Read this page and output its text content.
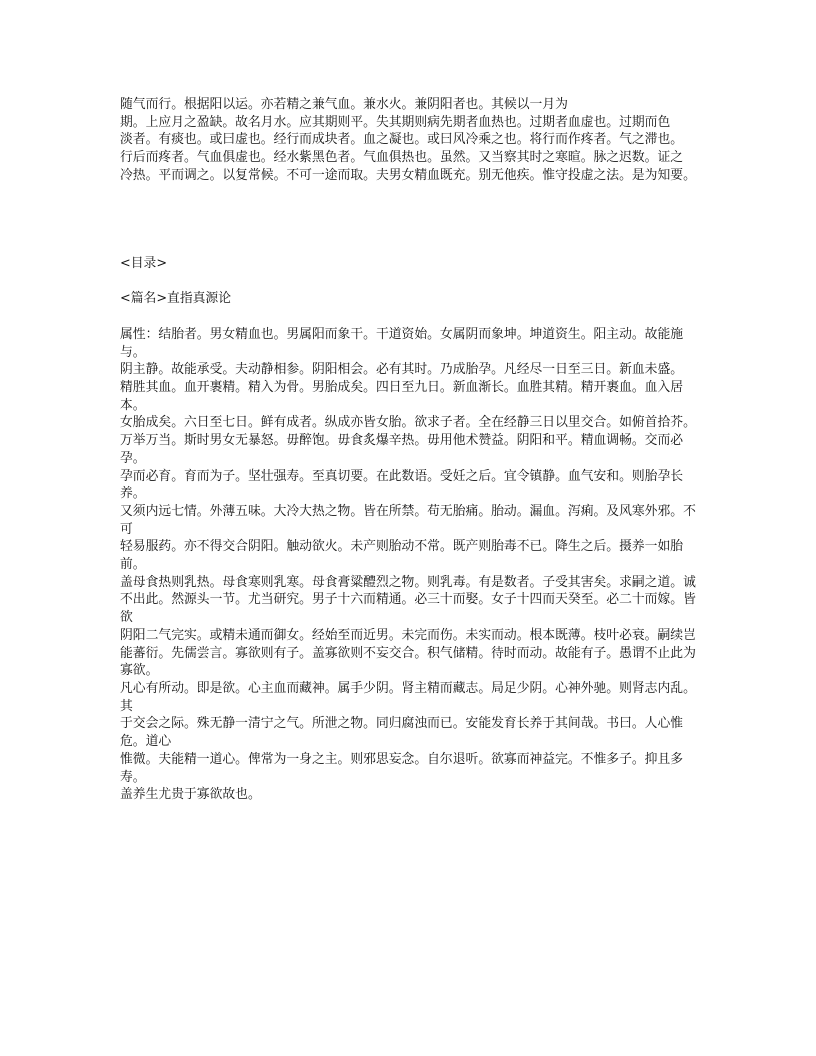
随气而行。根据阳以运。亦若精之兼气血。兼水火。兼阴阳者也。其候以一月为
期。上应月之盈缺。故名月水。应其期则平。失其期则病先期者血热也。过期者血虚也。过期而色
淡者。有痰也。或曰虚也。经行而成块者。血之凝也。或曰风冷乘之也。将行而作疼者。气之滞也。
行后而疼者。气血俱虚也。经水紫黑色者。气血俱热也。虽然。又当察其时之寒暄。脉之迟数。证之
冷热。平而调之。以复常候。不可一途而取。夫男女精血既充。别无他疾。惟守投虚之法。是为知要。
<目录>
<篇名>直指真源论
属性：结胎者。男女精血也。男属阳而象干。干道资始。女属阴而象坤。坤道资生。阳主动。故能施与。
阴主静。故能承受。夫动静相参。阴阳相会。必有其时。乃成胎孕。凡经尽一日至三日。新血未盛。
精胜其血。血开裹精。精入为骨。男胎成矣。四日至九日。新血渐长。血胜其精。精开裹血。血入居本。
女胎成矣。六日至七日。鲜有成者。纵成亦皆女胎。欲求子者。全在经静三日以里交合。如俯首拾芥。
万举万当。斯时男女无暴怒。毋醉饱。毋食炙爆辛热。毋用他术赞益。阴阳和平。精血调畅。交而必孕。
孕而必育。育而为子。坚壮强寿。至真切要。在此数语。受妊之后。宜令镇静。血气安和。则胎孕长养。
又须内远七情。外薄五味。大冷大热之物。皆在所禁。苟无胎痛。胎动。漏血。泻痢。及风寒外邪。不可
轻易服药。亦不得交合阴阳。触动欲火。未产则胎动不常。既产则胎毒不已。降生之后。摄养一如胎前。
盖母食热则乳热。母食寒则乳寒。母食膏粱醴烈之物。则乳毒。有是数者。子受其害矣。求嗣之道。诚
不出此。然源头一节。尤当研究。男子十六而精通。必三十而娶。女子十四而天癸至。必二十而嫁。皆欲
阴阳二气完实。或精未通而御女。经始至而近男。未完而伤。未实而动。根本既薄。枝叶必衰。嗣续岂
能蕃衍。先儒尝言。寡欲则有子。盖寡欲则不妄交合。积气储精。待时而动。故能有子。愚谓不止此为寡欲。
凡心有所动。即是欲。心主血而藏神。属手少阴。肾主精而藏志。局足少阴。心神外驰。则肾志内乱。其
于交会之际。殊无静一清宁之气。所泄之物。同归腐浊而已。安能发育长养于其间哉。书曰。人心惟危。道心
惟微。夫能精一道心。俾常为一身之主。则邪思妄念。自尔退听。欲寡而神益完。不惟多子。抑且多寿。
盖养生尤贵于寡欲故也。
